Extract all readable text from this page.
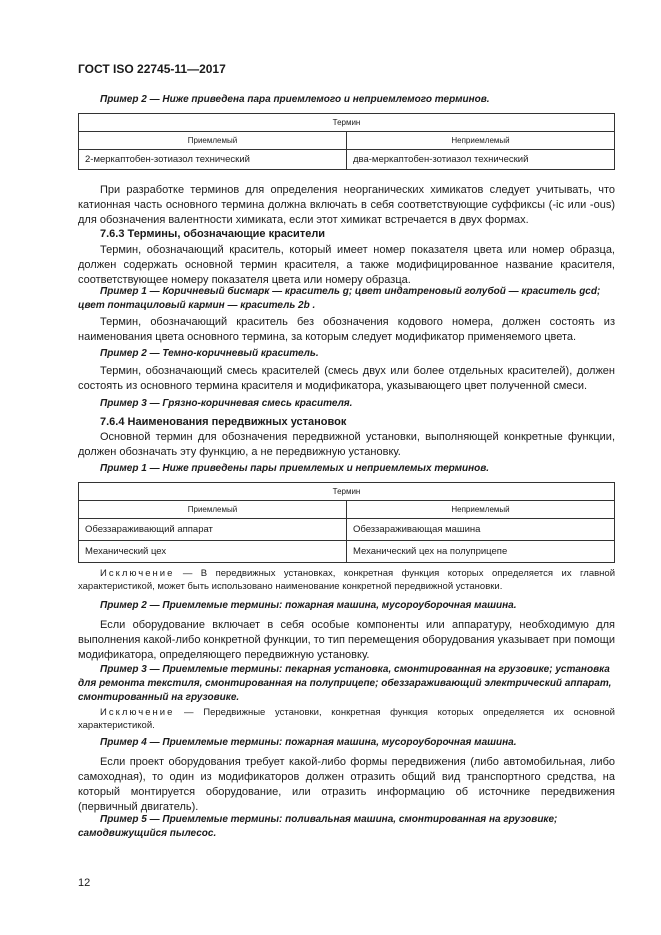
ГОСТ ISO 22745-11—2017
Пример 2 — Ниже приведена пара приемлемого и неприемлемого терминов.
Термин	
Приемлемый	Неприемлемый
2-меркаптобен-зотиазол технический	два-меркаптобен-зотиазол технический
При разработке терминов для определения неорганических химикатов следует учитывать, что катионная часть основного термина должна включать в себя соответствующие суффиксы (-ic или -ous) для обозначения валентности химиката, если этот химикат встречается в двух формах.
7.6.3 Термины, обозначающие красители
Термин, обозначающий краситель, который имеет номер показателя цвета или номер образца, должен содержать основной термин красителя, а также модифицированное название красителя, соответствующее номеру показателя цвета или номеру образца.
Пример 1 — Коричневый бисмарк — краситель g; цвет индатреновый голубой — краситель gcd; цвет понтациловый кармин — краситель 2b .
Термин, обозначающий краситель без обозначения кодового номера, должен состоять из наименования цвета основного термина, за которым следует модификатор применяемого цвета.
Пример 2 — Темно-коричневый краситель.
Термин, обозначающий смесь красителей (смесь двух или более отдельных красителей), должен состоять из основного термина красителя и модификатора, указывающего цвет полученной смеси.
Пример 3 — Грязно-коричневая смесь красителя.
7.6.4 Наименования передвижных установок
Основной термин для обозначения передвижной установки, выполняющей конкретные функции, должен обозначать эту функцию, а не передвижную установку.
Пример 1 — Ниже приведены пары приемлемых и неприемлемых терминов.
Термин	
Приемлемый	Неприемлемый
Обеззараживающий аппарат	Обеззараживающая машина
Механический цех	Механический цех на полуприцепе
Исключение — В передвижных установках, конкретная функция которых определяется их главной характеристикой, может быть использовано наименование конкретной передвижной установки.
Пример 2 — Приемлемые термины: пожарная машина, мусороуборочная машина.
Если оборудование включает в себя особые компоненты или аппаратуру, необходимую для выполнения какой-либо конкретной функции, то тип перемещения оборудования указывает при помощи модификатора, определяющего передвижную установку.
Пример 3 — Приемлемые термины: пекарная установка, смонтированная на грузовике; установка для ремонта текстиля, смонтированная на полуприцепе; обеззараживающий электрический аппарат, смонтированный на грузовике.
Исключение — Передвижные установки, конкретная функция которых определяется их основной характеристикой.
Пример 4 — Приемлемые термины: пожарная машина, мусороуборочная машина.
Если проект оборудования требует какой-либо формы передвижения (либо автомобильная, либо самоходная), то один из модификаторов должен отразить общий вид транспортного средства, на который монтируется оборудование, или отразить информацию об источнике передвижения (первичный двигатель).
Пример 5 — Приемлемые термины: поливальная машина, смонтированная на грузовике; самодвижущийся пылесос.
12
